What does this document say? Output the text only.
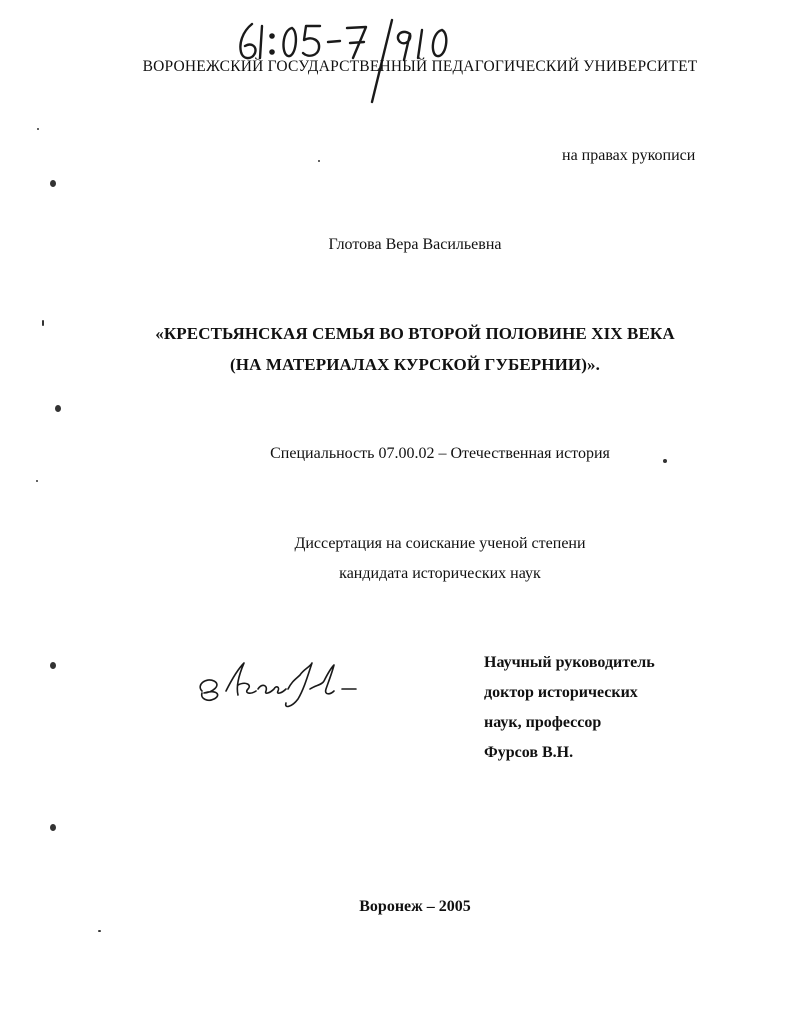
ВОРОНЕЖСКИЙ ГОСУДАРСТВЕННЫЙ ПЕДАГОГИЧЕСКИЙ УНИВЕРСИТЕТ
на правах рукописи
Глотова Вера Васильевна
«КРЕСТЬЯНСКАЯ СЕМЬЯ ВО ВТОРОЙ ПОЛОВИНЕ XIX ВЕКА
(НА МАТЕРИАЛАХ КУРСКОЙ ГУБЕРНИИ)».
Специальность 07.00.02 – Отечественная история
Диссертация на соискание ученой степени
кандидата исторических наук
Научный руководитель
доктор исторических
наук, профессор
Фурсов В.Н.
Воронеж – 2005
